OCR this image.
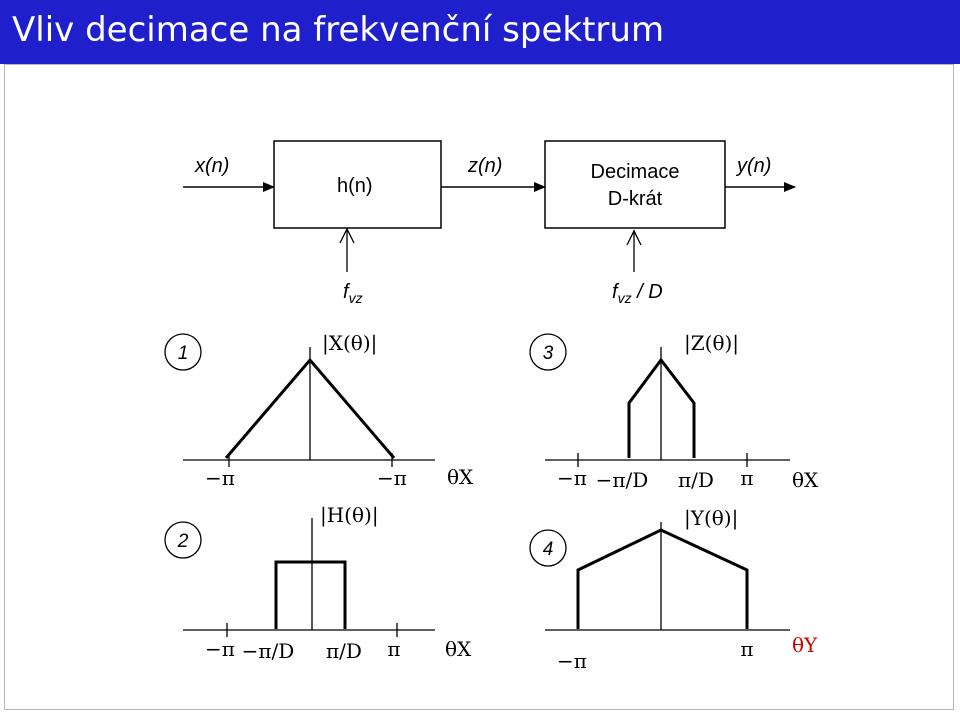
Vliv decimace na frekvenční spektrum
x(n)
h(n)
z(n)	Decimace
D-krát
y(n)
$f_{vz}$	$f_{vz}$ / D
1	|X(θ)|
−π	−π θX
2
|H(θ)|
−π −π/D π/D π θX
3	|Z(θ)|
−π −π/D π/D π θX
4
|Y(θ)|
−π	π θY
